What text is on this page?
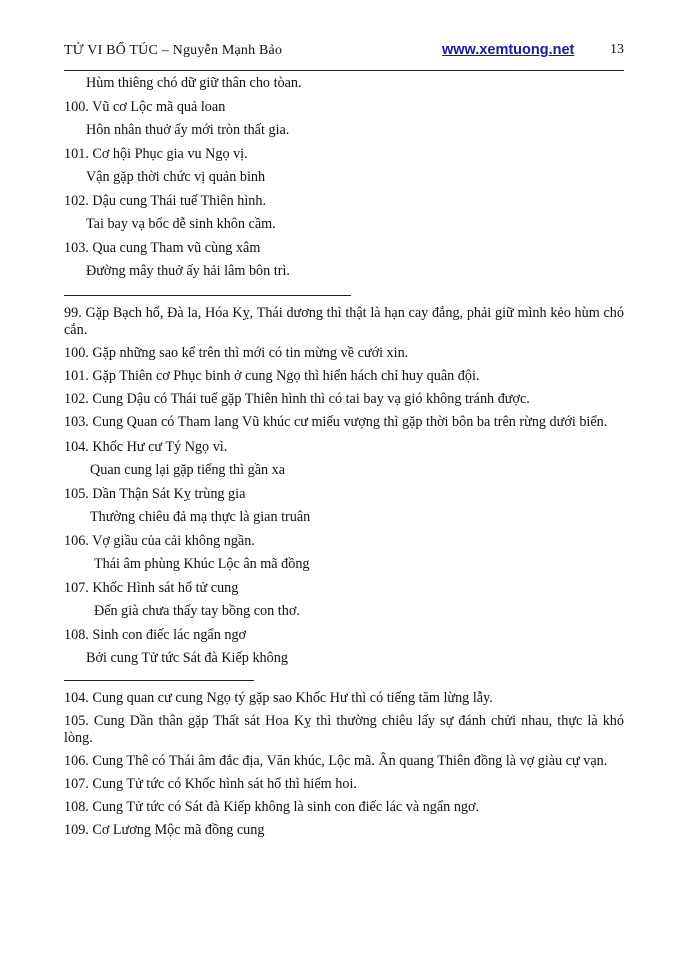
TỬ VI BỔ TÚC – Nguyễn Mạnh Bảo	www.xemtuong.net	13
Hùm thiêng chó dữ giữ thân cho tòan.
100. Vũ cơ Lộc mã quả loan
Hôn nhân thuở ấy mới tròn thất gia.
101. Cơ hội Phục gia vu Ngọ vị.
Vận gặp thời chức vị quản binh
102. Dậu cung Thái tuế Thiên hình.
Tai bay vạ bốc dễ sinh khôn cầm.
103. Qua cung Tham vũ cùng xâm
Đường mây thuở ấy hải lâm bôn trì.
99. Gặp Bạch hổ, Đà la, Hóa Kỵ, Thái dương thì thật là hạn cay đắng, phải giữ mình kẻo hùm chó cắn.
100. Gặp những sao kể trên thì mới có tin mừng về cưới xin.
101. Gặp Thiên cơ Phục binh ở cung Ngọ thì hiển hách chỉ huy quân đội.
102. Cung Dậu có Thái tuế gặp Thiên hình thì có tai bay vạ gió không tránh được.
103. Cung Quan có Tham lang Vũ khúc cư miếu vượng thì gặp thời bôn ba trên rừng dưới biển.
104. Khốc Hư cư Tý Ngọ vì.
Quan cung lại gặp tiếng thì gần xa
105. Dần Thận Sát Kỵ trùng gia
Thường chiêu đả mạ thực là gian truân
106. Vợ giầu của cải không ngần.
Thái âm phùng Khúc Lộc ân mã đồng
107. Khốc Hình sát hổ tử cung
Đến già chưa thấy tay bồng con thơ.
108. Sinh con điếc lác ngẩn ngơ
Bởi cung Tử tức Sát đà Kiếp không
104. Cung quan cư cung Ngọ tý gặp sao Khốc Hư thì có tiếng tăm lừng lẫy.
105. Cung Dần thân gặp Thất sát Hoa Kỵ thì thường chiêu lấy sự đánh chửi nhau, thực là khó lòng.
106. Cung Thê có Thái âm đắc địa, Văn khúc, Lộc mã. Ân quang Thiên đồng là vợ giàu cự vạn.
107. Cung Tử tức có Khốc hình sát hổ thì hiếm hoi.
108. Cung Tử tức có Sát đà Kiếp không là sinh con điếc lác và ngẩn ngơ.
109. Cơ Lương Mộc mã đồng cung
